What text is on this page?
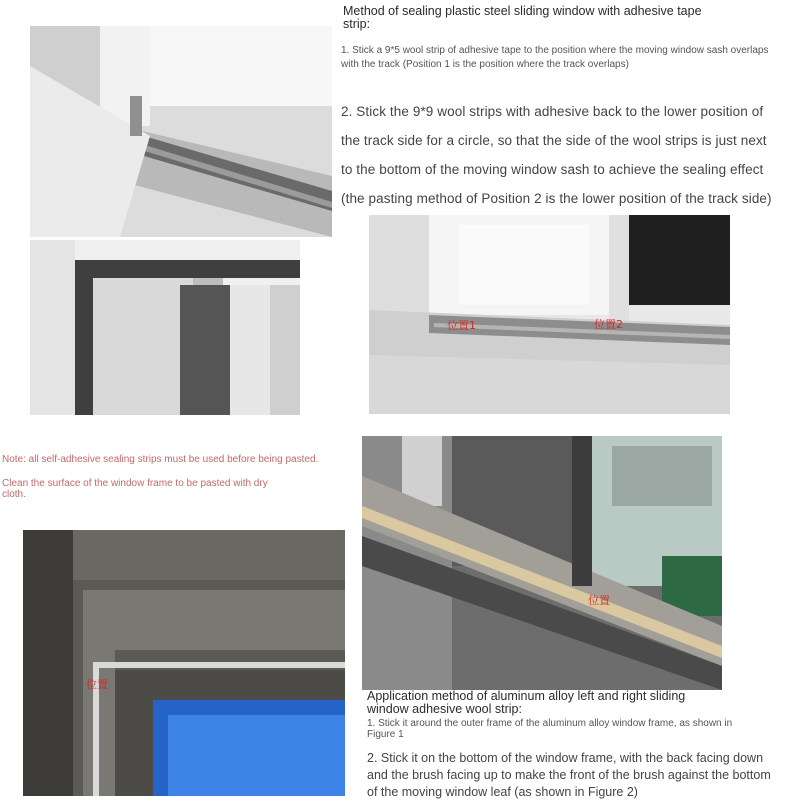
Method of sealing plastic steel sliding window with adhesive tape strip:

1. Stick a 9*5 wool strip of adhesive tape to the position where the moving window sash overlaps with the track (Position 1 is the position where the track overlaps)

2. Stick the 9*9 wool strips with adhesive back to the lower position of the track side for a circle, so that the side of the wool strips is just next to the bottom of the moving window sash to achieve the sealing effect (the pasting method of Position 2 is the lower position of the track side)

位置1	位置2

Note: all self-adhesive sealing strips must be used before being pasted.

Clean the surface of the window frame to be pasted with dry cloth.

位置
位置

Application method of aluminum alloy left and right sliding window adhesive wool strip:

1. Stick it around the outer frame of the aluminum alloy window frame, as shown in Figure 1

2. Stick it on the bottom of the window frame, with the back facing down and the brush facing up to make the front of the brush against the bottom of the moving window leaf (as shown in Figure 2)
